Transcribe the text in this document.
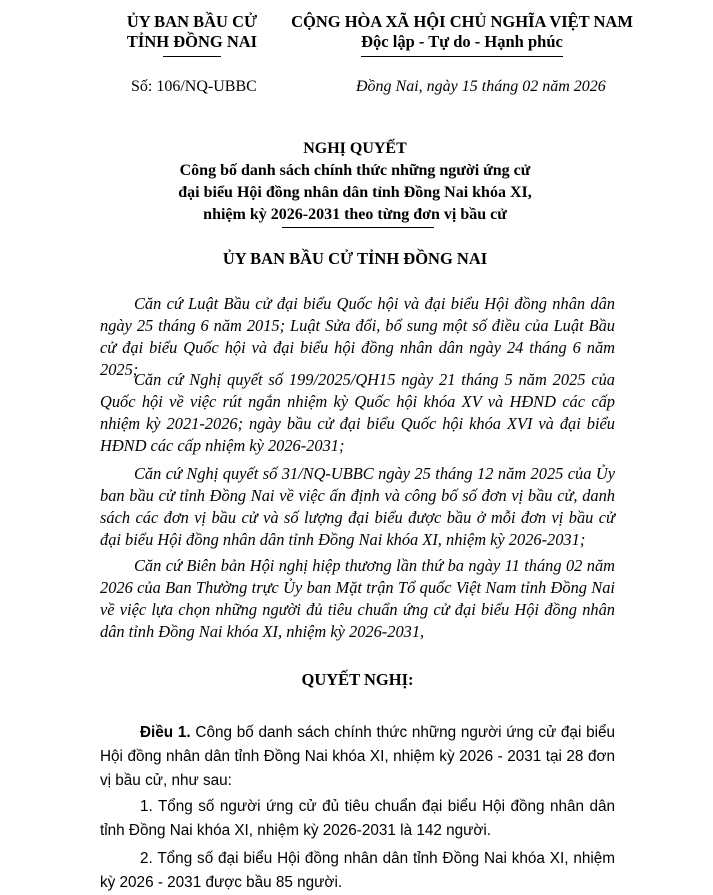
ỦY BAN BẦU CỬ
TỈNH ĐỒNG NAI
CỘNG HÒA XÃ HỘI CHỦ NGHĨA VIỆT NAM
Độc lập - Tự do - Hạnh phúc
Số: 106/NQ-UBBC	Đồng Nai, ngày 15 tháng 02 năm 2026
NGHỊ QUYẾT
Công bố danh sách chính thức những người ứng cử
đại biểu Hội đồng nhân dân tỉnh Đồng Nai khóa XI,
nhiệm kỳ 2026-2031 theo từng đơn vị bầu cử
ỦY BAN BẦU CỬ TỈNH ĐỒNG NAI

Căn cứ Luật Bầu cử đại biểu Quốc hội và đại biểu Hội đồng nhân dân ngày 25 tháng 6 năm 2015; Luật Sửa đổi, bổ sung một số điều của Luật Bầu cử đại biểu Quốc hội và đại biểu hội đồng nhân dân ngày 24 tháng 6 năm 2025;

Căn cứ Nghị quyết số 199/2025/QH15 ngày 21 tháng 5 năm 2025 của Quốc hội về việc rút ngắn nhiệm kỳ Quốc hội khóa XV và HĐND các cấp nhiệm kỳ 2021-2026; ngày bầu cử đại biểu Quốc hội khóa XVI và đại biểu HĐND các cấp nhiệm kỳ 2026-2031;

Căn cứ Nghị quyết số 31/NQ-UBBC ngày 25 tháng 12 năm 2025 của Ủy ban bầu cử tỉnh Đồng Nai về việc ấn định và công bố số đơn vị bầu cử, danh sách các đơn vị bầu cử và số lượng đại biểu được bầu ở mỗi đơn vị bầu cử đại biểu Hội đồng nhân dân tỉnh Đồng Nai khóa XI, nhiệm kỳ 2026-2031;

Căn cứ Biên bản Hội nghị hiệp thương lần thứ ba ngày 11 tháng 02 năm 2026 của Ban Thường trực Ủy ban Mặt trận Tổ quốc Việt Nam tỉnh Đồng Nai về việc lựa chọn những người đủ tiêu chuẩn ứng cử đại biểu Hội đồng nhân dân tỉnh Đồng Nai khóa XI, nhiệm kỳ 2026-2031,

QUYẾT NGHỊ:

Điều 1. Công bố danh sách chính thức những người ứng cử đại biểu Hội đồng nhân dân tỉnh Đồng Nai khóa XI, nhiệm kỳ 2026 - 2031 tại 28 đơn vị bầu cử, như sau:

1. Tổng số người ứng cử đủ tiêu chuẩn đại biểu Hội đồng nhân dân tỉnh Đồng Nai khóa XI, nhiệm kỳ 2026-2031 là 142 người.

2. Tổng số đại biểu Hội đồng nhân dân tỉnh Đồng Nai khóa XI, nhiệm kỳ 2026 - 2031 được bầu 85 người.
